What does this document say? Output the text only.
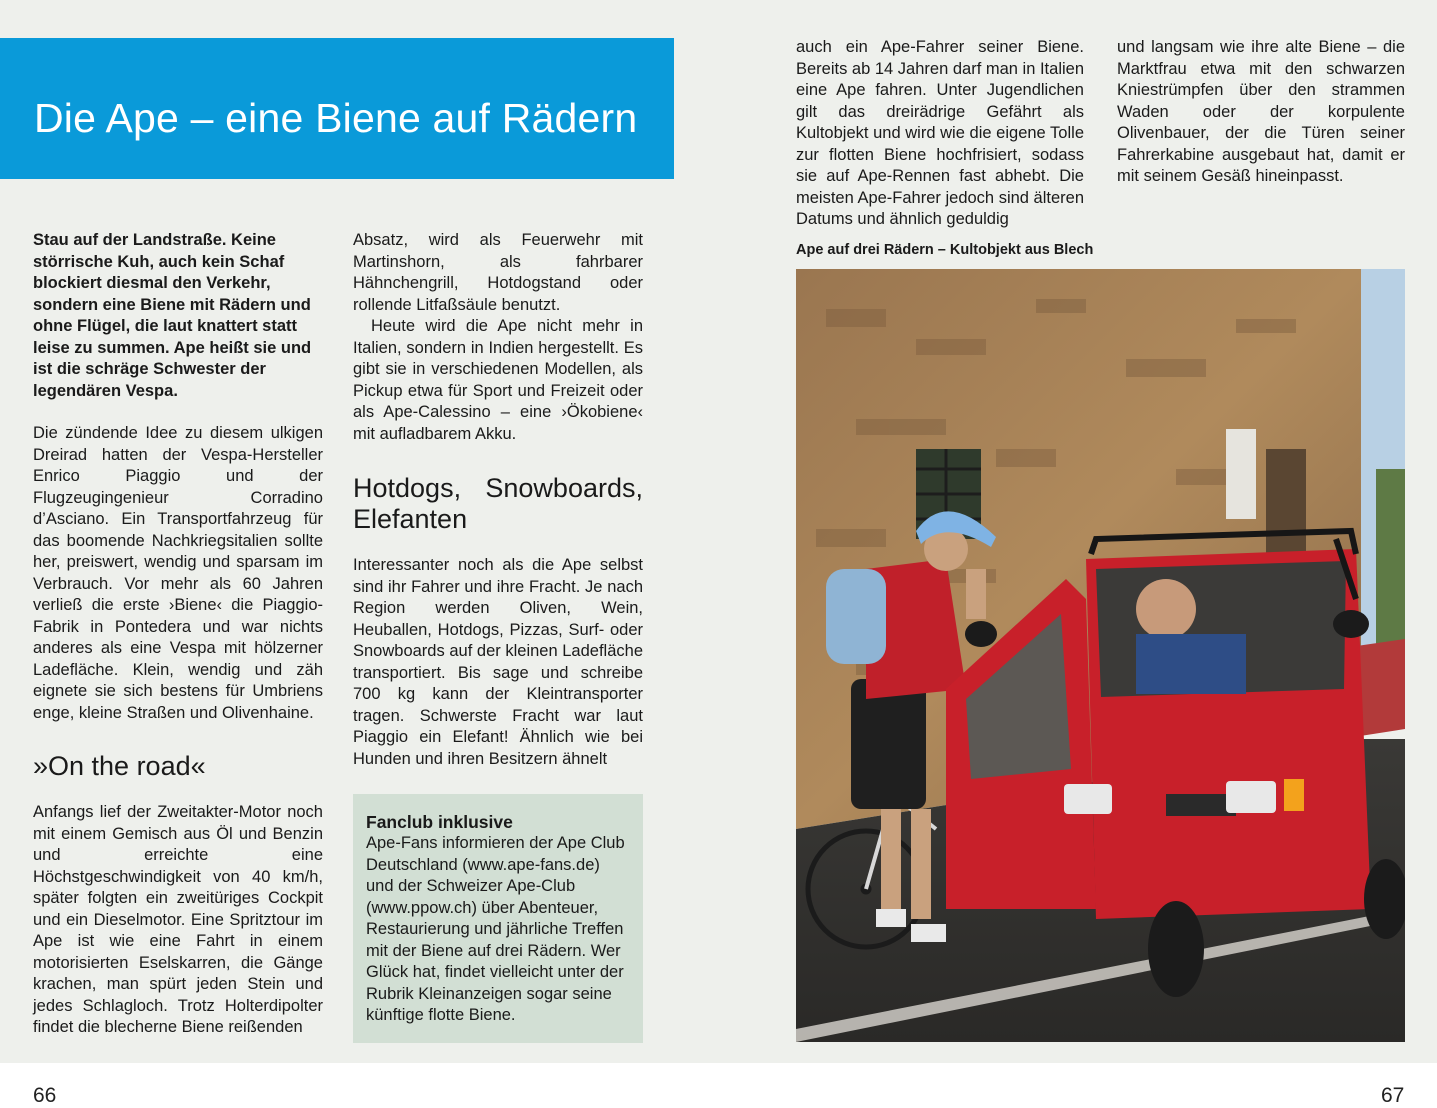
Die Ape – eine Biene auf Rädern

Stau auf der Landstraße. Keine störrische Kuh, auch kein Schaf blockiert diesmal den Verkehr, sondern eine Biene mit Rädern und ohne Flügel, die laut knattert statt leise zu summen. Ape heißt sie und ist die schräge Schwester der legendären Vespa.

Die zündende Idee zu diesem ulkigen Dreirad hatten der Vespa-Hersteller Enrico Piaggio und der Flugzeugingenieur Corradino d’Asciano. Ein Transportfahrzeug für das boomende Nachkriegsitalien sollte her, preiswert, wendig und sparsam im Verbrauch. Vor mehr als 60 Jahren verließ die erste ›Biene‹ die Piaggio-Fabrik in Pontedera und war nichts anderes als eine Vespa mit hölzerner Ladefläche. Klein, wendig und zäh eignete sie sich bestens für Umbriens enge, kleine Straßen und Olivenhaine.

»On the road«

Anfangs lief der Zweitakter-Motor noch mit einem Gemisch aus Öl und Benzin und erreichte eine Höchstgeschwindigkeit von 40 km/h, später folgten ein zweitüriges Cockpit und ein Dieselmotor. Eine Spritztour im Ape ist wie eine Fahrt in einem motorisierten Eselskarren, die Gänge krachen, man spürt jeden Stein und jedes Schlagloch. Trotz Holterdipolter findet die blecherne Biene reißenden

Absatz, wird als Feuerwehr mit Martinshorn, als fahrbarer Hähnchengrill, Hotdogstand oder rollende Litfaßsäule benutzt.

Heute wird die Ape nicht mehr in Italien, sondern in Indien hergestellt. Es gibt sie in verschiedenen Modellen, als Pickup etwa für Sport und Freizeit oder als Ape-Calessino – eine ›Ökobiene‹ mit aufladbarem Akku.

Hotdogs, Snowboards, Elefanten

Interessanter noch als die Ape selbst sind ihr Fahrer und ihre Fracht. Je nach Region werden Oliven, Wein, Heuballen, Hotdogs, Pizzas, Surf- oder Snowboards auf der kleinen Ladefläche transportiert. Bis sage und schreibe 700 kg kann der Kleintransporter tragen. Schwerste Fracht war laut Piaggio ein Elefant! Ähnlich wie bei Hunden und ihren Besitzern ähnelt

Fanclub inklusive
Ape-Fans informieren der Ape Club Deutschland (www.ape-fans.de) und der Schweizer Ape-Club (www.ppow.ch) über Abenteuer, Restaurierung und jährliche Treffen mit der Biene auf drei Rädern. Wer Glück hat, findet vielleicht unter der Rubrik Kleinanzeigen sogar seine künftige flotte Biene.

auch ein Ape-Fahrer seiner Biene. Bereits ab 14 Jahren darf man in Italien eine Ape fahren. Unter Jugendlichen gilt das dreirädrige Gefährt als Kultobjekt und wird wie die eigene Tolle zur flotten Biene hochfrisiert, sodass sie auf Ape-Rennen fast abhebt. Die meisten Ape-Fahrer jedoch sind älteren Datums und ähnlich geduldig

und langsam wie ihre alte Biene – die Marktfrau etwa mit den schwarzen Kniestrümpfen über den strammen Waden oder der korpulente Olivenbauer, der die Türen seiner Fahrerkabine ausgebaut hat, damit er mit seinem Gesäß hineinpasst.

Ape auf drei Rädern – Kultobjekt aus Blech
66	67
